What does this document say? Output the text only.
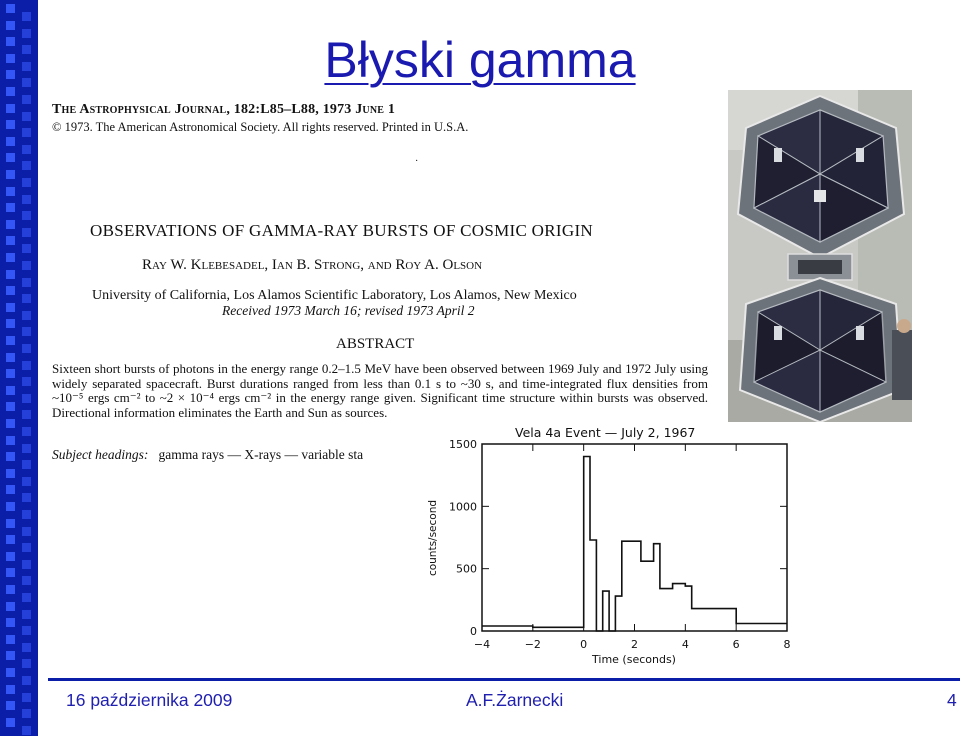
Błyski gamma
The Astrophysical Journal, 182:L85–L88, 1973 June 1
© 1973. The American Astronomical Society. All rights reserved. Printed in U.S.A.
·
OBSERVATIONS OF GAMMA-RAY BURSTS OF COSMIC ORIGIN
Ray W. Klebesadel, Ian B. Strong, and Roy A. Olson
University of California, Los Alamos Scientific Laboratory, Los Alamos, New Mexico
Received 1973 March 16; revised 1973 April 2
ABSTRACT
Sixteen short bursts of photons in the energy range 0.2–1.5 MeV have been observed between 1969 July and 1972 July using widely separated spacecraft. Burst durations ranged from less than 0.1 s to ~30 s, and time-integrated flux densities from ~10⁻⁵ ergs cm⁻² to ~2 × 10⁻⁴ ergs cm⁻² in the energy range given. Significant time structure within bursts was observed. Directional information eliminates the Earth and Sun as sources.
Subject headings: gamma rays — X-rays — variable sta
Vela 4a Event — July 2, 1967
0
500
1000
1500
−4	−2	0	2	4	6	8
counts/second
Time (seconds)
16 października 2009	A.F.Żarnecki	4
